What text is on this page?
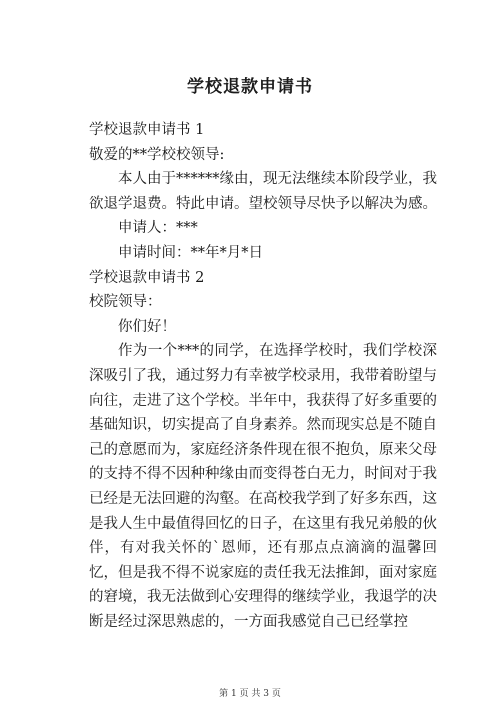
学校退款申请书

学校退款申请书 1

敬爱的**学校校领导:

本人由于******缘由，现无法继续本阶段学业，我欲退学退费。特此申请。望校领导尽快予以解决为感。

申请人：***

申请时间：**年*月*日

学校退款申请书 2

校院领导：

你们好！

作为一个***的同学，在选择学校时，我们学校深深吸引了我，通过努力有幸被学校录用，我带着盼望与向往，走进了这个学校。半年中，我获得了好多重要的基础知识，切实提高了自身素养。然而现实总是不随自己的意愿而为，家庭经济条件现在很不抱负，原来父母的支持不得不因种种缘由而变得苍白无力，时间对于我已经是无法回避的沟壑。在高校我学到了好多东西，这是我人生中最值得回忆的日子，在这里有我兄弟般的伙伴，有对我关怀的`恩师，还有那点点滴滴的温馨回忆，但是我不得不说家庭的责任我无法推卸，面对家庭的窘境，我无法做到心安理得的继续学业，我退学的决断是经过深思熟虑的，一方面我感觉自己已经掌控

第 1 页 共 3 页
